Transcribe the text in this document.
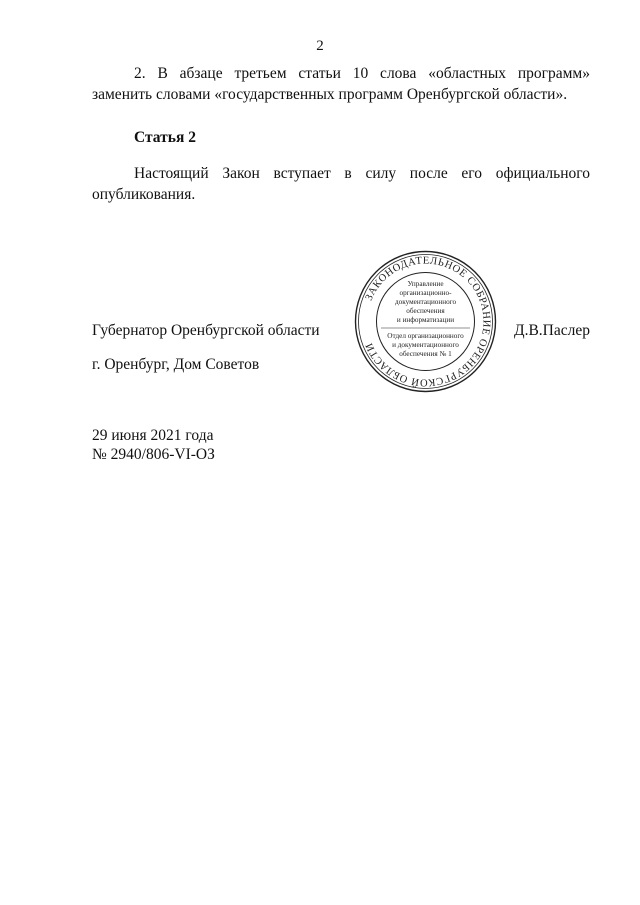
2

2. В абзаце третьем статьи 10 слова «областных программ» заменить словами «государственных программ Оренбургской области».

Статья 2

Настоящий Закон вступает в силу после его официального опубликования.

Губернатор Оренбургской области	Д.В.Паслер
г. Оренбург, Дом Советов
29 июня 2021 года
№ 2940/806-VI-ОЗ
ЗАКОНОДАТЕЛЬНОЕ СОБРАНИЕ ОРЕНБУРГСКОЙ ОБЛАСТИ
Управление
организационно-
документационного
обеспечения
и информатизации
Отдел организационного
и документационного
обеспечения № 1
